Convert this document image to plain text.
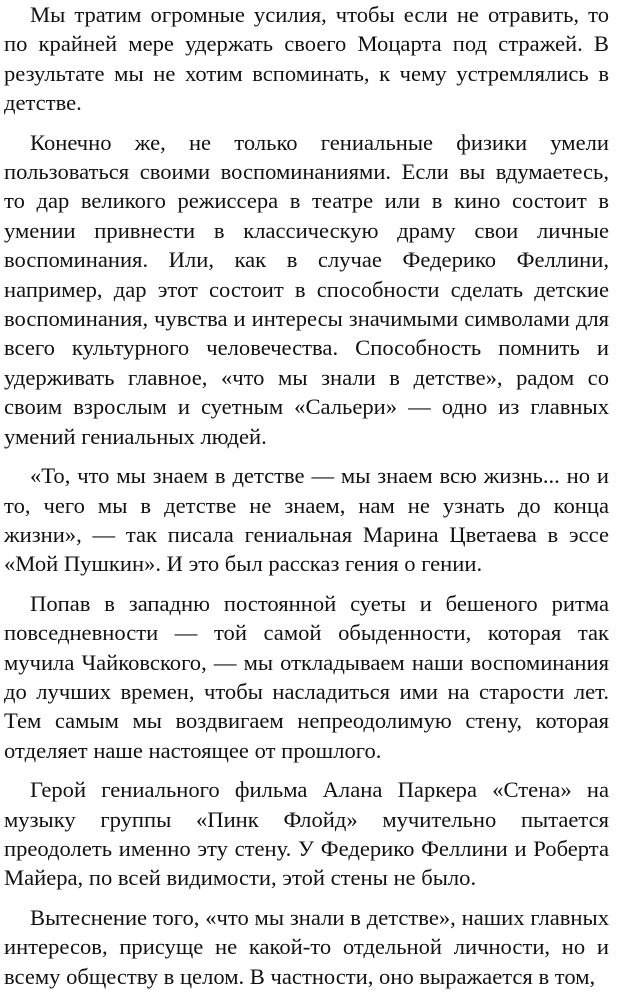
Мы тратим огромные усилия, чтобы если не отравить, то по крайней мере удержать своего Моцарта под стражей. В результате мы не хотим вспоминать, к чему устремлялись в детстве.

Конечно же, не только гениальные физики умели пользоваться своими воспоминаниями. Если вы вдумаетесь, то дар великого режиссера в театре или в кино состоит в умении привнести в классическую драму свои личные воспоминания. Или, как в случае Федерико Феллини, например, дар этот состоит в способности сделать детские воспоминания, чувства и интересы значимыми символами для всего культурного человечества. Способность помнить и удерживать главное, «что мы знали в детстве», радом со своим взрослым и суетным «Сальери» — одно из главных умений гениальных людей.

«То, что мы знаем в детстве — мы знаем всю жизнь... но и то, чего мы в детстве не знаем, нам не узнать до конца жизни», — так писала гениальная Марина Цветаева в эссе «Мой Пушкин». И это был рассказ гения о гении.

Попав в западню постоянной суеты и бешеного ритма повседневности — той самой обыденности, которая так мучила Чайковского, — мы откладываем наши воспоминания до лучших времен, чтобы насладиться ими на старости лет. Тем самым мы воздвигаем непреодолимую стену, которая отделяет наше настоящее от прошлого.

Герой гениального фильма Алана Паркера «Стена» на музыку группы «Пинк Флойд» мучительно пытается преодолеть именно эту стену. У Федерико Феллини и Роберта Майера, по всей видимости, этой стены не было.

Вытеснение того, «что мы знали в детстве», наших главных интересов, присуще не какой-то отдельной личности, но и всему обществу в целом. В частности, оно выражается в том,
